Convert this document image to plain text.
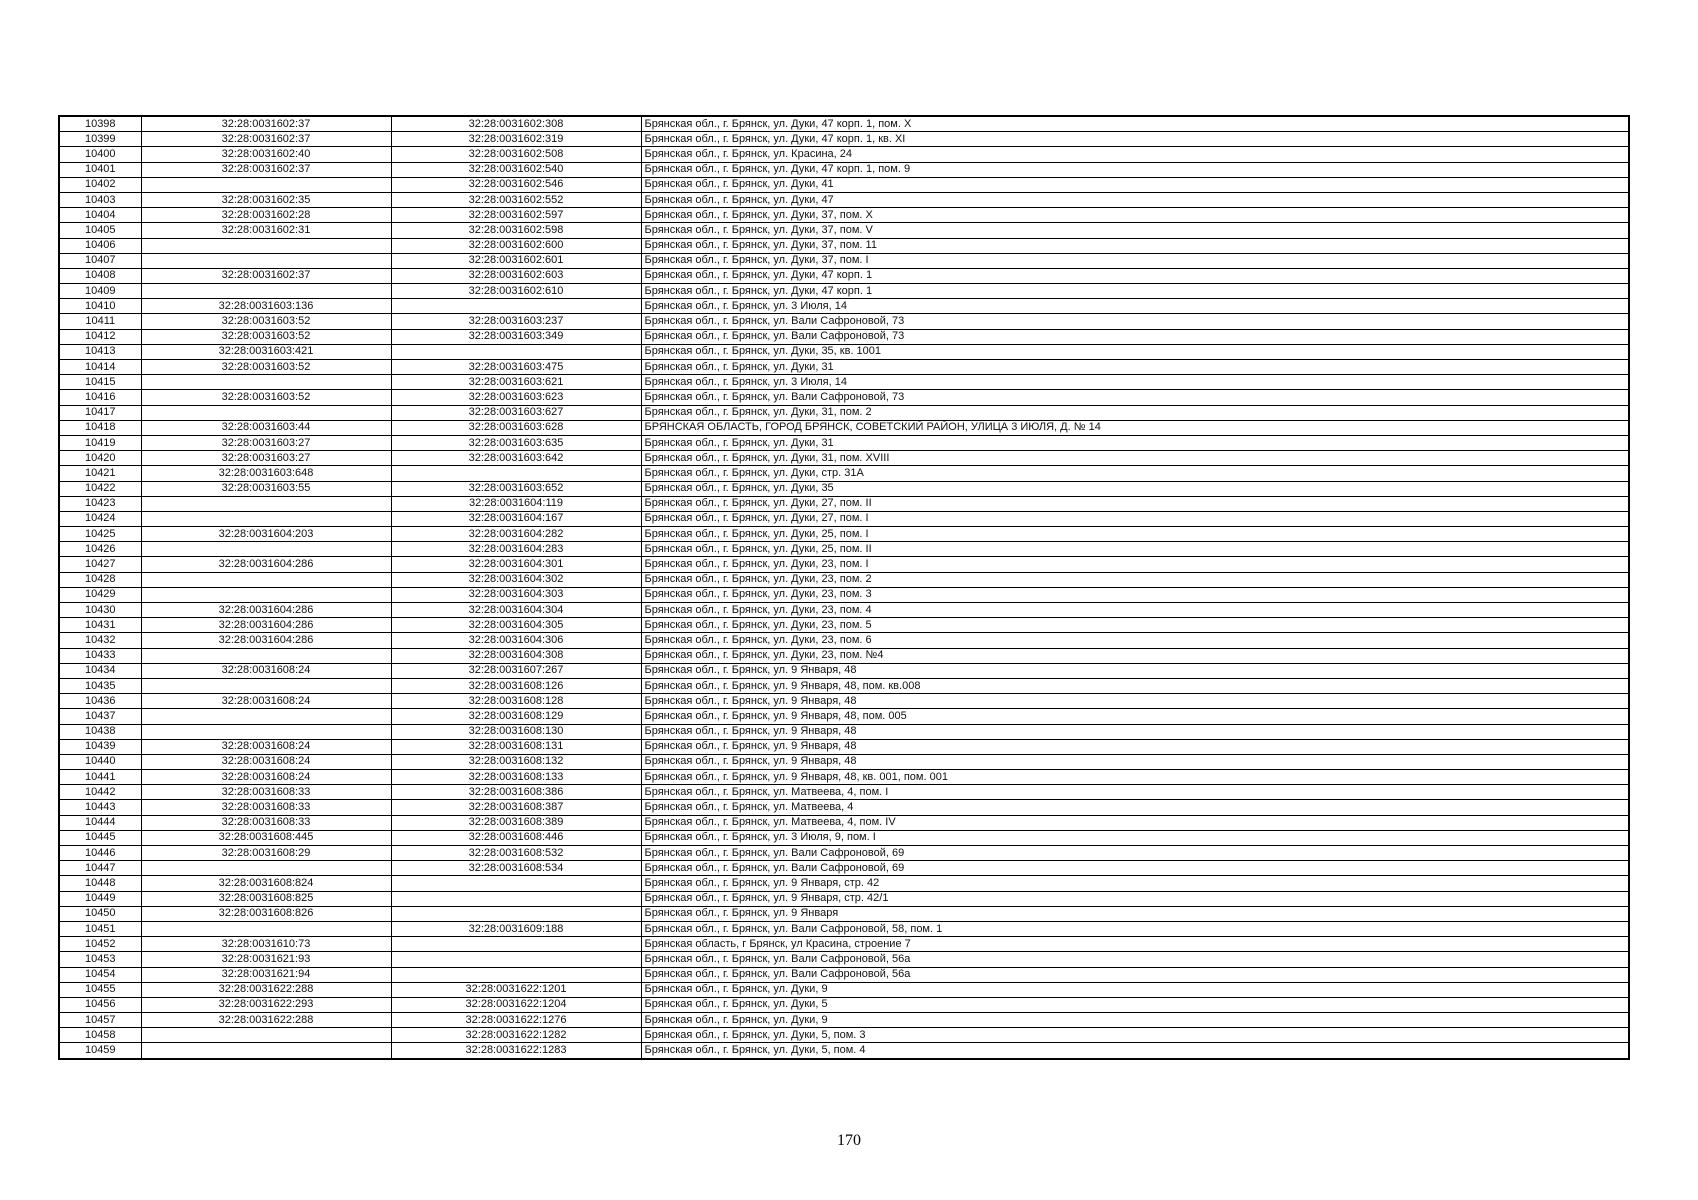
10398	32:28:0031602:37	32:28:0031602:308	Брянская обл., г. Брянск, ул. Дуки, 47 корп. 1, пом. X
10399	32:28:0031602:37	32:28:0031602:319	Брянская обл., г. Брянск, ул. Дуки, 47 корп. 1, кв. XI
10400	32:28:0031602:40	32:28:0031602:508	Брянская обл., г. Брянск, ул. Красина, 24
10401	32:28:0031602:37	32:28:0031602:540	Брянская обл., г. Брянск, ул. Дуки, 47 корп. 1, пом. 9
10402		32:28:0031602:546	Брянская обл., г. Брянск, ул. Дуки, 41
10403	32:28:0031602:35	32:28:0031602:552	Брянская обл., г. Брянск, ул. Дуки, 47
10404	32:28:0031602:28	32:28:0031602:597	Брянская обл., г. Брянск, ул. Дуки, 37, пом. X
10405	32:28:0031602:31	32:28:0031602:598	Брянская обл., г. Брянск, ул. Дуки, 37, пом. V
10406		32:28:0031602:600	Брянская обл., г. Брянск, ул. Дуки, 37, пом. 11
10407		32:28:0031602:601	Брянская обл., г. Брянск, ул. Дуки, 37, пом. I
10408	32:28:0031602:37	32:28:0031602:603	Брянская обл., г. Брянск, ул. Дуки, 47 корп. 1
10409		32:28:0031602:610	Брянская обл., г. Брянск, ул. Дуки, 47 корп. 1
10410	32:28:0031603:136		Брянская обл., г. Брянск, ул. 3 Июля, 14
10411	32:28:0031603:52	32:28:0031603:237	Брянская обл., г. Брянск, ул. Вали Сафроновой, 73
10412	32:28:0031603:52	32:28:0031603:349	Брянская обл., г. Брянск, ул. Вали Сафроновой, 73
10413	32:28:0031603:421		Брянская обл., г. Брянск, ул. Дуки, 35, кв. 1001
10414	32:28:0031603:52	32:28:0031603:475	Брянская обл., г. Брянск, ул. Дуки, 31
10415		32:28:0031603:621	Брянская обл., г. Брянск, ул. 3 Июля, 14
10416	32:28:0031603:52	32:28:0031603:623	Брянская обл., г. Брянск, ул. Вали Сафроновой, 73
10417		32:28:0031603:627	Брянская обл., г. Брянск, ул. Дуки, 31, пом. 2
10418	32:28:0031603:44	32:28:0031603:628	БРЯНСКАЯ ОБЛАСТЬ, ГОРОД БРЯНСК, СОВЕТСКИЙ РАЙОН, УЛИЦА 3 ИЮЛЯ, Д. № 14
10419	32:28:0031603:27	32:28:0031603:635	Брянская обл., г. Брянск, ул. Дуки, 31
10420	32:28:0031603:27	32:28:0031603:642	Брянская обл., г. Брянск, ул. Дуки, 31, пом. XVIII
10421	32:28:0031603:648		Брянская обл., г. Брянск, ул. Дуки, стр. 31А
10422	32:28:0031603:55	32:28:0031603:652	Брянская обл., г. Брянск, ул. Дуки, 35
10423		32:28:0031604:119	Брянская обл., г. Брянск, ул. Дуки, 27, пом. II
10424		32:28:0031604:167	Брянская обл., г. Брянск, ул. Дуки, 27, пом. I
10425	32:28:0031604:203	32:28:0031604:282	Брянская обл., г. Брянск, ул. Дуки, 25, пом. I
10426		32:28:0031604:283	Брянская обл., г. Брянск, ул. Дуки, 25, пом. II
10427	32:28:0031604:286	32:28:0031604:301	Брянская обл., г. Брянск, ул. Дуки, 23, пом. I
10428		32:28:0031604:302	Брянская обл., г. Брянск, ул. Дуки, 23, пом. 2
10429		32:28:0031604:303	Брянская обл., г. Брянск, ул. Дуки, 23, пом. 3
10430	32:28:0031604:286	32:28:0031604:304	Брянская обл., г. Брянск, ул. Дуки, 23, пом. 4
10431	32:28:0031604:286	32:28:0031604:305	Брянская обл., г. Брянск, ул. Дуки, 23, пом. 5
10432	32:28:0031604:286	32:28:0031604:306	Брянская обл., г. Брянск, ул. Дуки, 23, пом. 6
10433		32:28:0031604:308	Брянская обл., г. Брянск, ул. Дуки, 23, пом. №4
10434	32:28:0031608:24	32:28:0031607:267	Брянская обл., г. Брянск, ул. 9 Января, 48
10435		32:28:0031608:126	Брянская обл., г. Брянск, ул. 9 Января, 48, пом. кв.008
10436	32:28:0031608:24	32:28:0031608:128	Брянская обл., г. Брянск, ул. 9 Января, 48
10437		32:28:0031608:129	Брянская обл., г. Брянск, ул. 9 Января, 48, пом. 005
10438		32:28:0031608:130	Брянская обл., г. Брянск, ул. 9 Января, 48
10439	32:28:0031608:24	32:28:0031608:131	Брянская обл., г. Брянск, ул. 9 Января, 48
10440	32:28:0031608:24	32:28:0031608:132	Брянская обл., г. Брянск, ул. 9 Января, 48
10441	32:28:0031608:24	32:28:0031608:133	Брянская обл., г. Брянск, ул. 9 Января, 48, кв. 001, пом. 001
10442	32:28:0031608:33	32:28:0031608:386	Брянская обл., г. Брянск, ул. Матвеева, 4, пом. I
10443	32:28:0031608:33	32:28:0031608:387	Брянская обл., г. Брянск, ул. Матвеева, 4
10444	32:28:0031608:33	32:28:0031608:389	Брянская обл., г. Брянск, ул. Матвеева, 4, пом. IV
10445	32:28:0031608:445	32:28:0031608:446	Брянская обл., г. Брянск, ул. 3 Июля, 9, пом. I
10446	32:28:0031608:29	32:28:0031608:532	Брянская обл., г. Брянск, ул. Вали Сафроновой, 69
10447		32:28:0031608:534	Брянская обл., г. Брянск, ул. Вали Сафроновой, 69
10448	32:28:0031608:824		Брянская обл., г. Брянск, ул. 9 Января, стр. 42
10449	32:28:0031608:825		Брянская обл., г. Брянск, ул. 9 Января, стр. 42/1
10450	32:28:0031608:826		Брянская обл., г. Брянск, ул. 9 Января
10451		32:28:0031609:188	Брянская обл., г. Брянск, ул. Вали Сафроновой, 58, пом. 1
10452	32:28:0031610:73		Брянская область, г Брянск, ул Красина, строение 7
10453	32:28:0031621:93		Брянская обл., г. Брянск, ул. Вали Сафроновой, 56а
10454	32:28:0031621:94		Брянская обл., г. Брянск, ул. Вали Сафроновой, 56а
10455	32:28:0031622:288	32:28:0031622:1201	Брянская обл., г. Брянск, ул. Дуки, 9
10456	32:28:0031622:293	32:28:0031622:1204	Брянская обл., г. Брянск, ул. Дуки, 5
10457	32:28:0031622:288	32:28:0031622:1276	Брянская обл., г. Брянск, ул. Дуки, 9
10458		32:28:0031622:1282	Брянская обл., г. Брянск, ул. Дуки, 5, пом. 3
10459		32:28:0031622:1283	Брянская обл., г. Брянск, ул. Дуки, 5, пом. 4
170
